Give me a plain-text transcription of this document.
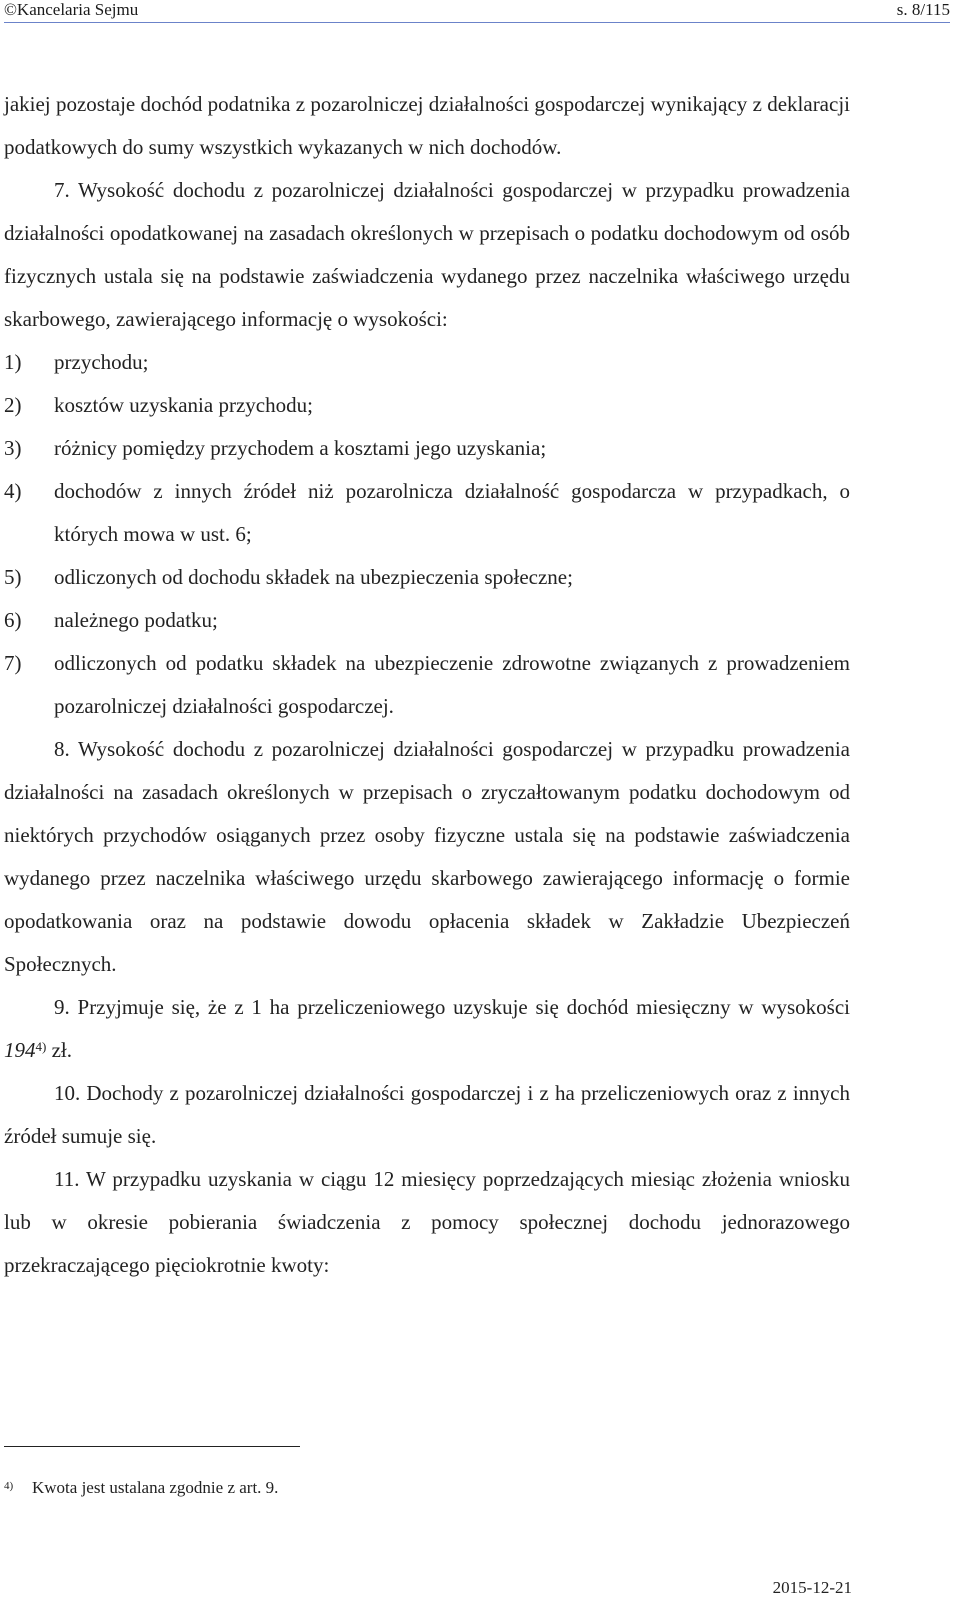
©Kancelaria Sejmu	s. 8/115

jakiej pozostaje dochód podatnika z pozarolniczej działalności gospodarczej wynikający z deklaracji podatkowych do sumy wszystkich wykazanych w nich dochodów.

7. Wysokość dochodu z pozarolniczej działalności gospodarczej w przypadku prowadzenia działalności opodatkowanej na zasadach określonych w przepisach o podatku dochodowym od osób fizycznych ustala się na podstawie zaświadczenia wydanego przez naczelnika właściwego urzędu skarbowego, zawierającego informację o wysokości:

1)	przychodu;
2)	kosztów uzyskania przychodu;
3)	różnicy pomiędzy przychodem a kosztami jego uzyskania;
4)	dochodów z innych źródeł niż pozarolnicza działalność gospodarcza w przypadkach, o których mowa w ust. 6;
5)	odliczonych od dochodu składek na ubezpieczenia społeczne;
6)	należnego podatku;
7)	odliczonych od podatku składek na ubezpieczenie zdrowotne związanych z prowadzeniem pozarolniczej działalności gospodarczej.

8. Wysokość dochodu z pozarolniczej działalności gospodarczej w przypadku prowadzenia działalności na zasadach określonych w przepisach o zryczałtowanym podatku dochodowym od niektórych przychodów osiąganych przez osoby fizyczne ustala się na podstawie zaświadczenia wydanego przez naczelnika właściwego urzędu skarbowego zawierającego informację o formie opodatkowania oraz na podstawie dowodu opłacenia składek w Zakładzie Ubezpieczeń Społecznych.

9. Przyjmuje się, że z 1 ha przeliczeniowego uzyskuje się dochód miesięczny w wysokości 194$^{4)}$ zł.

10. Dochody z pozarolniczej działalności gospodarczej i z ha przeliczeniowych oraz z innych źródeł sumuje się.

11. W przypadku uzyskania w ciągu 12 miesięcy poprzedzających miesiąc złożenia wniosku lub w okresie pobierania świadczenia z pomocy społecznej dochodu jednorazowego przekraczającego pięciokrotnie kwoty:

$^{4)}$ Kwota jest ustalana zgodnie z art. 9.
2015-12-21
